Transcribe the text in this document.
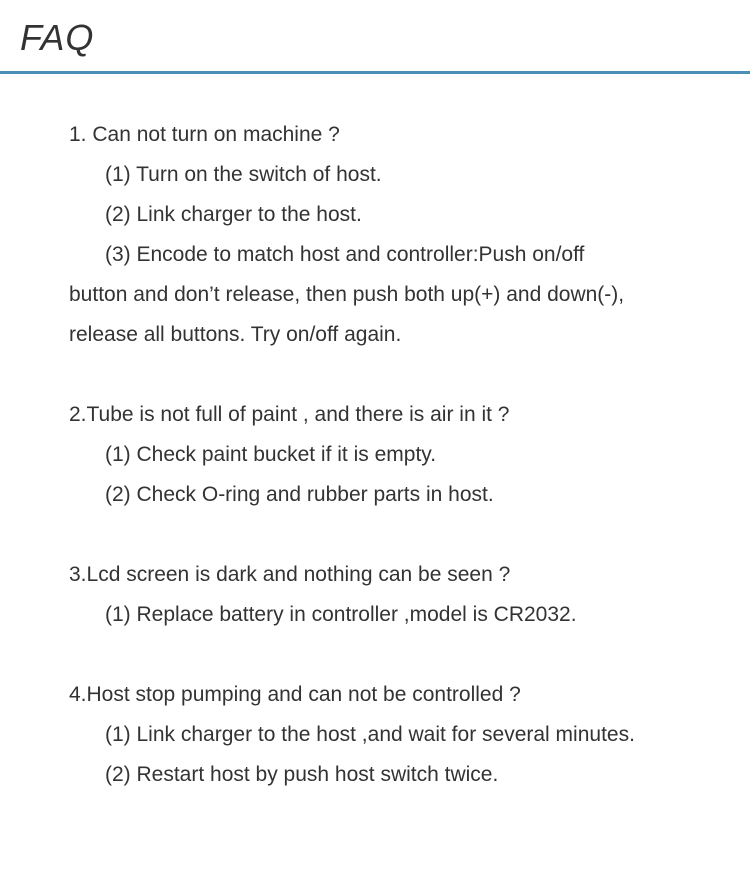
FAQ
1. Can not turn on machine ?
(1) Turn on the switch of host.
(2) Link charger to the host.
(3) Encode to match host and controller:Push on/off
button and don’t release, then push both up(+) and down(-),
release all buttons. Try on/off again.
2.Tube is not full of paint , and there is air in it ?
(1) Check paint bucket if it is empty.
(2) Check O-ring and rubber parts in host.
3.Lcd screen is dark and nothing can be seen ?
(1) Replace battery in controller ,model is CR2032.
4.Host stop pumping and can not be controlled ?
(1) Link charger to the host ,and wait for several minutes.
(2) Restart host by push host switch twice.
